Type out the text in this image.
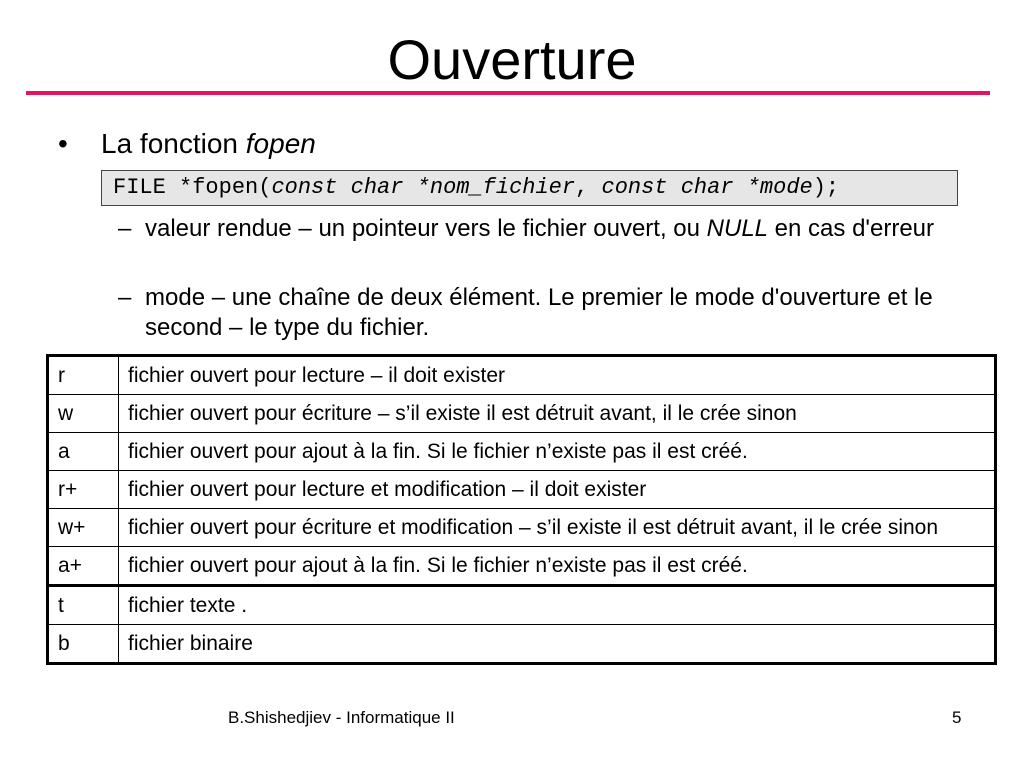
Ouverture
• La fonction fopen
FILE *fopen(const char *nom_fichier, const char *mode);
– valeur rendue – un pointeur vers le fichier ouvert, ou NULL en cas d'erreur
– mode – une chaîne de deux élément. Le premier le mode d'ouverture et le second – le type du fichier.
r	fichier ouvert pour lecture – il doit exister
w	fichier ouvert pour écriture – s’il existe il est détruit avant, il le crée sinon
a	fichier ouvert pour ajout à la fin. Si le fichier n’existe pas il est créé.
r+	fichier ouvert pour lecture et modification – il doit exister
w+	fichier ouvert pour écriture et modification – s’il existe il est détruit avant, il le crée sinon
a+	fichier ouvert pour ajout à la fin. Si le fichier n’existe pas il est créé.
t	fichier texte .
b	fichier binaire
B.Shishedjiev - Informatique II	5
